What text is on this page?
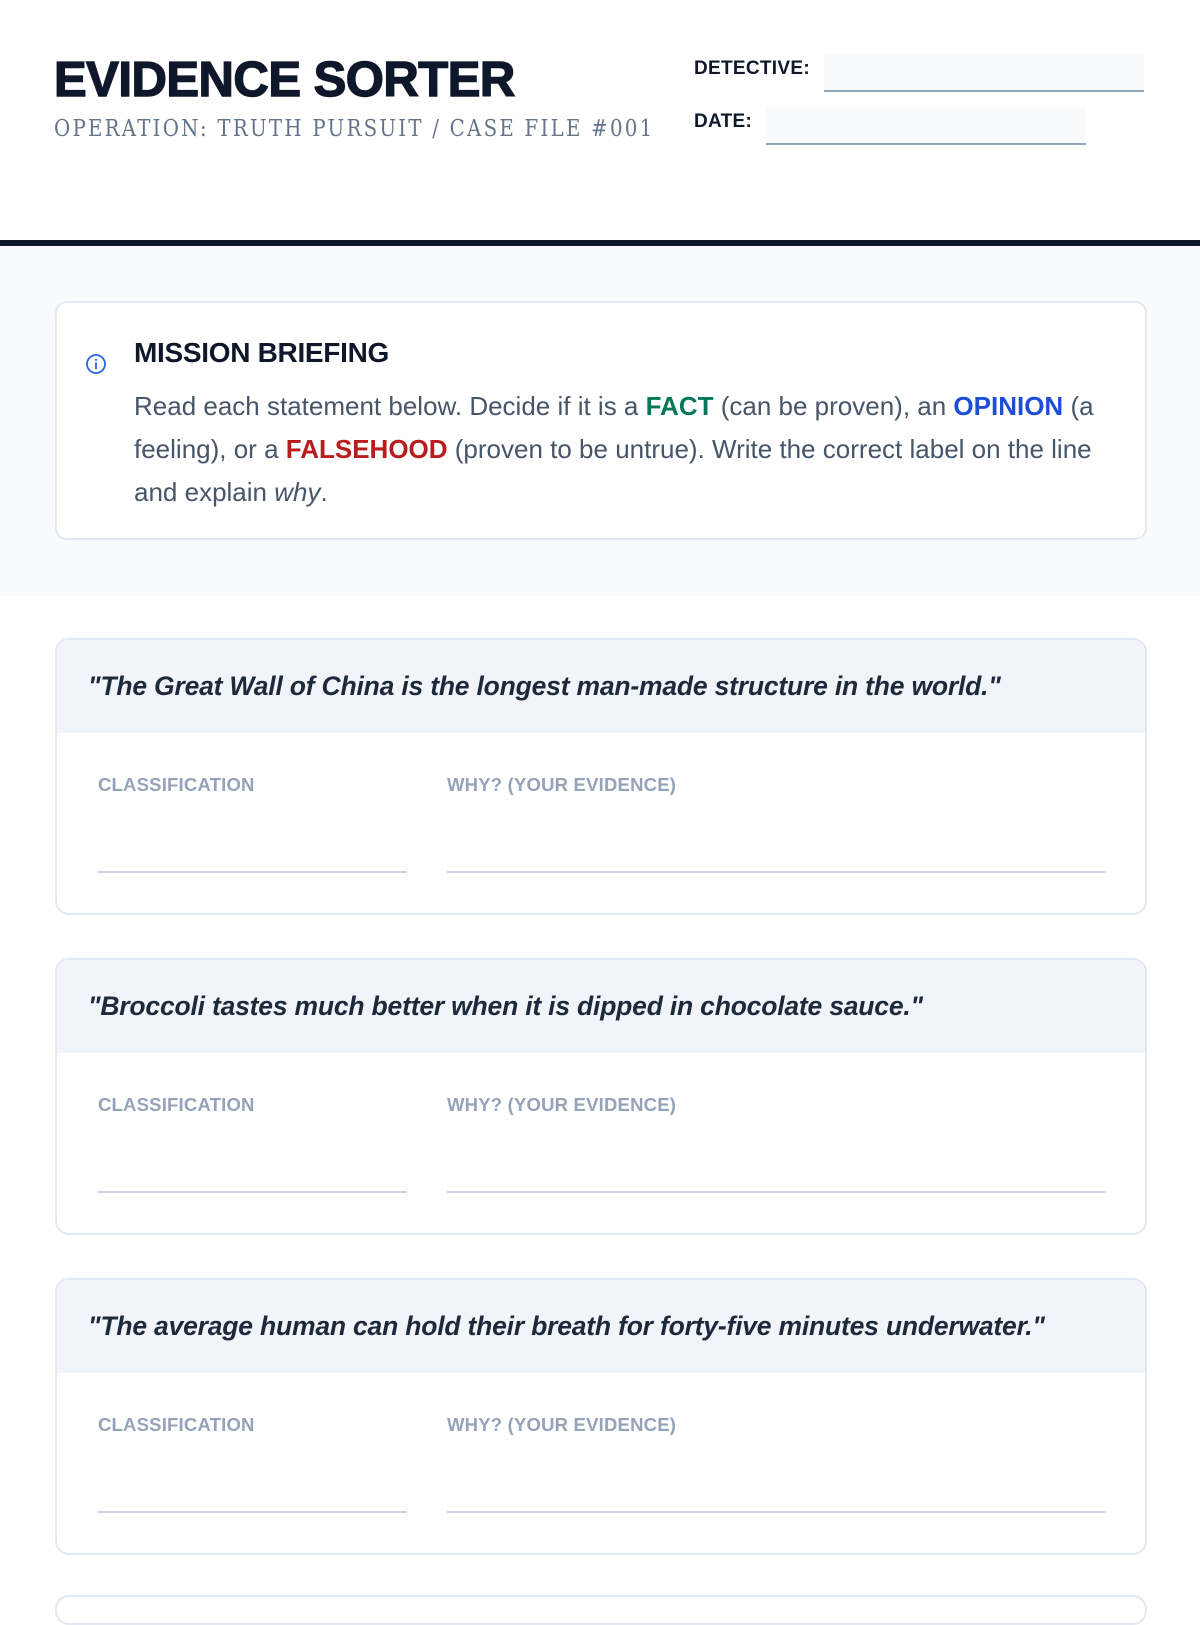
EVIDENCE SORTER
OPERATION: TRUTH PURSUIT / CASE FILE #001
DETECTIVE:
DATE:
MISSION BRIEFING

Read each statement below. Decide if it is a FACT (can be proven), an OPINION (a feeling), or a FALSEHOOD (proven to be untrue). Write the correct label on the line and explain why.

"The Great Wall of China is the longest man-made structure in the world."
CLASSIFICATION	WHY? (YOUR EVIDENCE)
"Broccoli tastes much better when it is dipped in chocolate sauce."
CLASSIFICATION	WHY? (YOUR EVIDENCE)
"The average human can hold their breath for forty-five minutes underwater."
CLASSIFICATION	WHY? (YOUR EVIDENCE)
